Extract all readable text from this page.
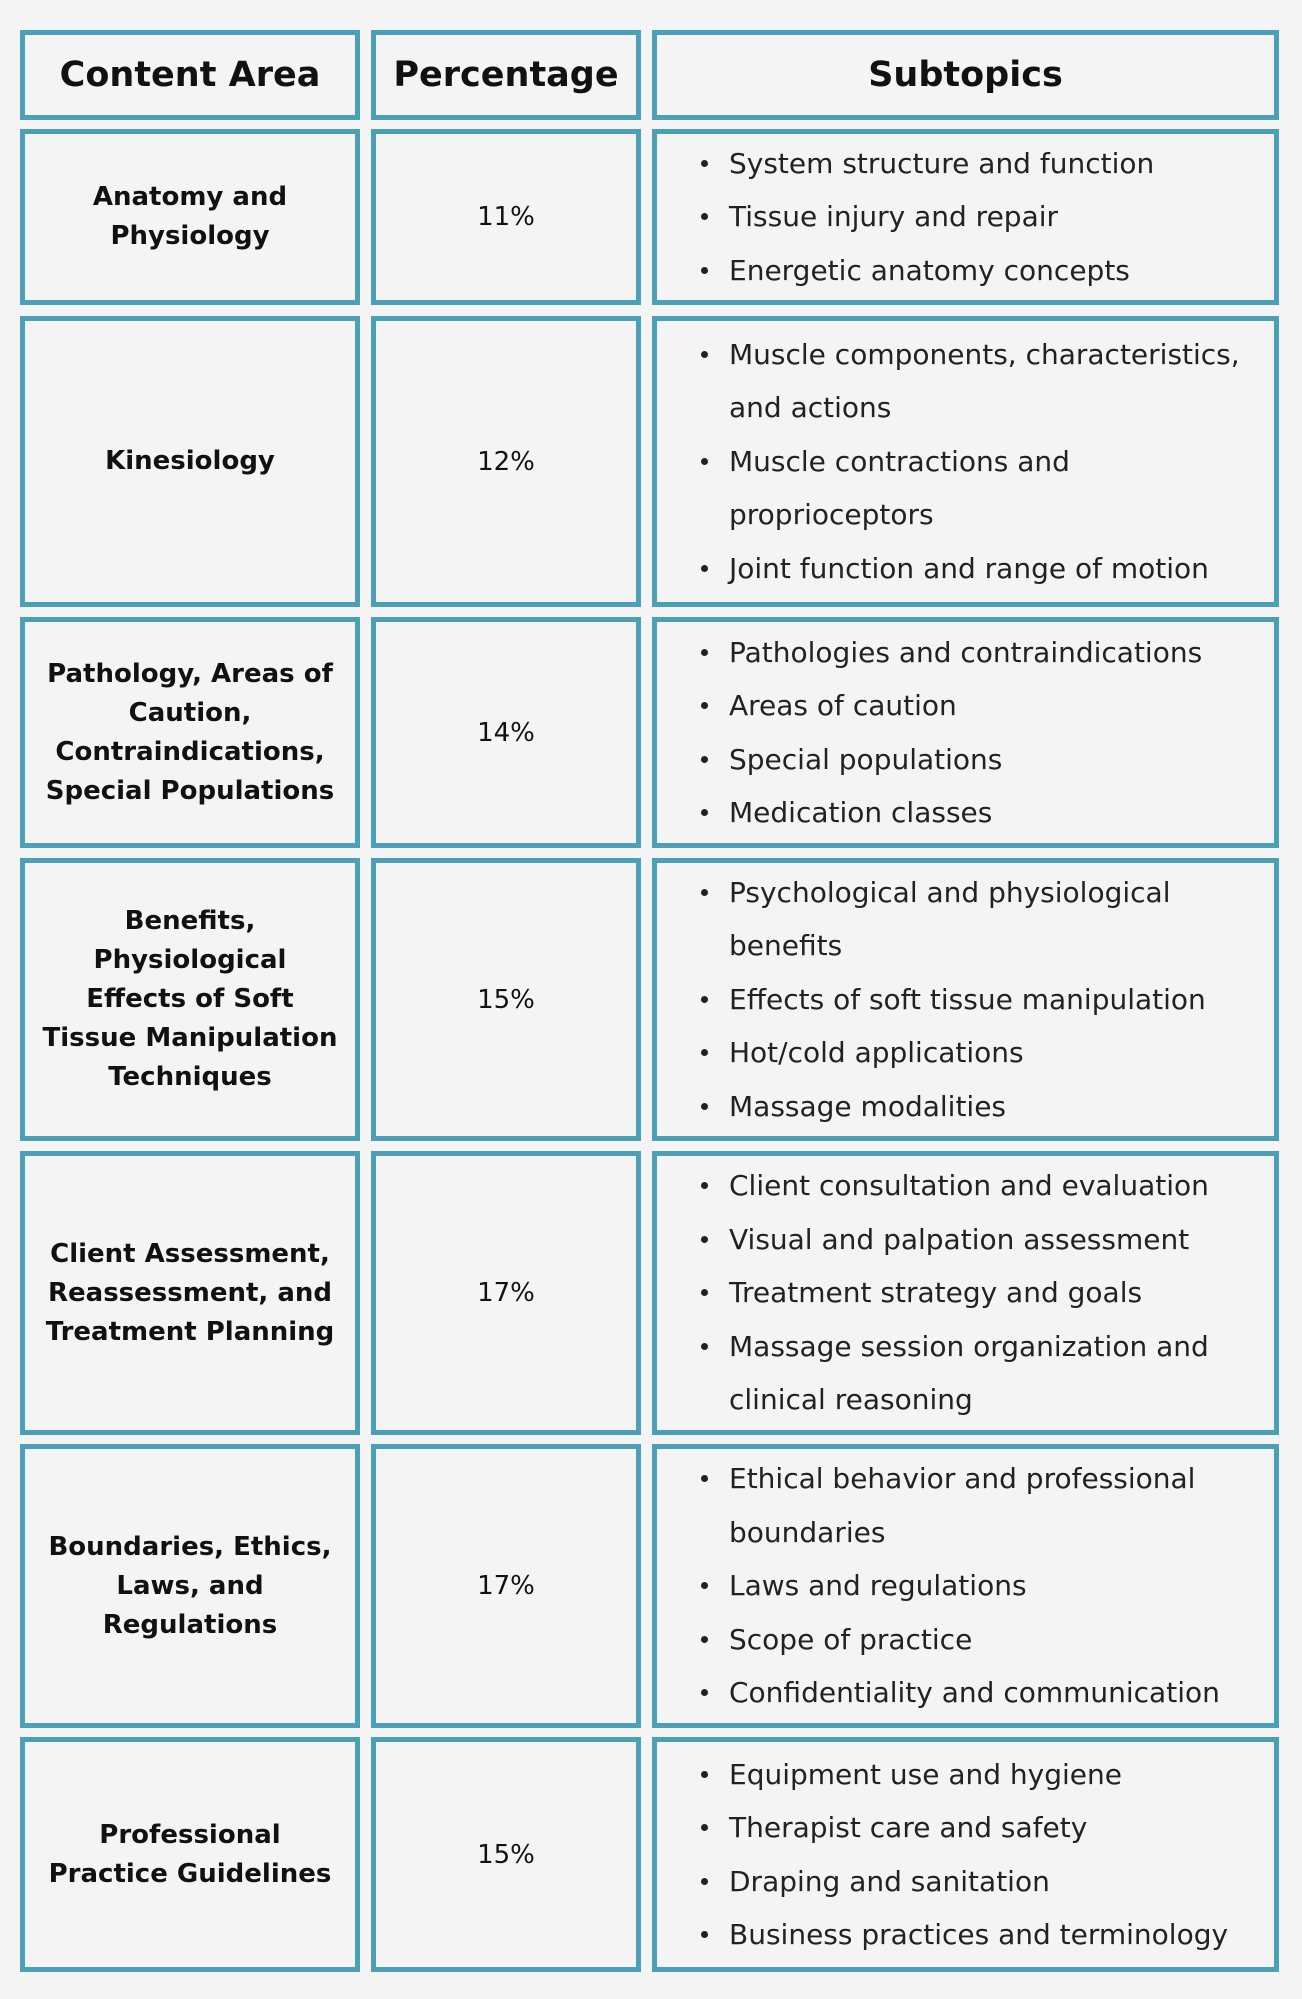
Content Area Percentage	Subtopics
Anatomy and Physiology
11%
System structure and function
Tissue injury and repair
Energetic anatomy concepts
Kinesiology	12%
Muscle components, characteristics, and actions
Muscle contractions and proprioceptors
Joint function and range of motion
Pathology, Areas of Caution, Contraindications, Special Populations
14%
Pathologies and contraindications
Areas of caution
Special populations
Medication classes
Benefits, Physiological Effects of Soft Tissue Manipulation Techniques
15%
Psychological and physiological benefits
Effects of soft tissue manipulation
Hot/cold applications
Massage modalities
Client Assessment, Reassessment, and Treatment Planning
17%
Client consultation and evaluation
Visual and palpation assessment
Treatment strategy and goals
Massage session organization and clinical reasoning
Boundaries, Ethics, Laws, and Regulations
17%
Ethical behavior and professional boundaries
Laws and regulations
Scope of practice
Confidentiality and communication
Professional Practice Guidelines
15%
Equipment use and hygiene
Therapist care and safety
Draping and sanitation
Business practices and terminology
